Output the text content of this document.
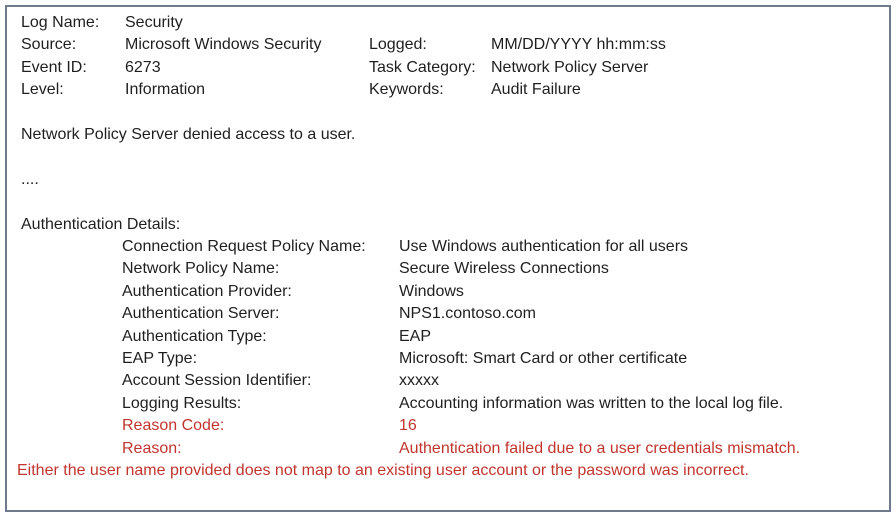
Log Name:	Security
Source:	Microsoft Windows Security	Logged:	MM/DD/YYYY hh:mm:ss
Event ID:	6273	Task Category: Network Policy Server
Level:	Information	Keywords:	Audit Failure
Network Policy Server denied access to a user.
....
Authentication Details:
Connection Request Policy Name:	Use Windows authentication for all users
Network Policy Name:	Secure Wireless Connections
Authentication Provider:	Windows
Authentication Server:	NPS1.contoso.com
Authentication Type:	EAP
EAP Type:	Microsoft: Smart Card or other certificate
Account Session Identifier:	xxxxx
Logging Results:	Accounting information was written to the local log file.
Reason Code:	16
Reason:	Authentication failed due to a user credentials mismatch.
Either the user name provided does not map to an existing user account or the password was incorrect.
